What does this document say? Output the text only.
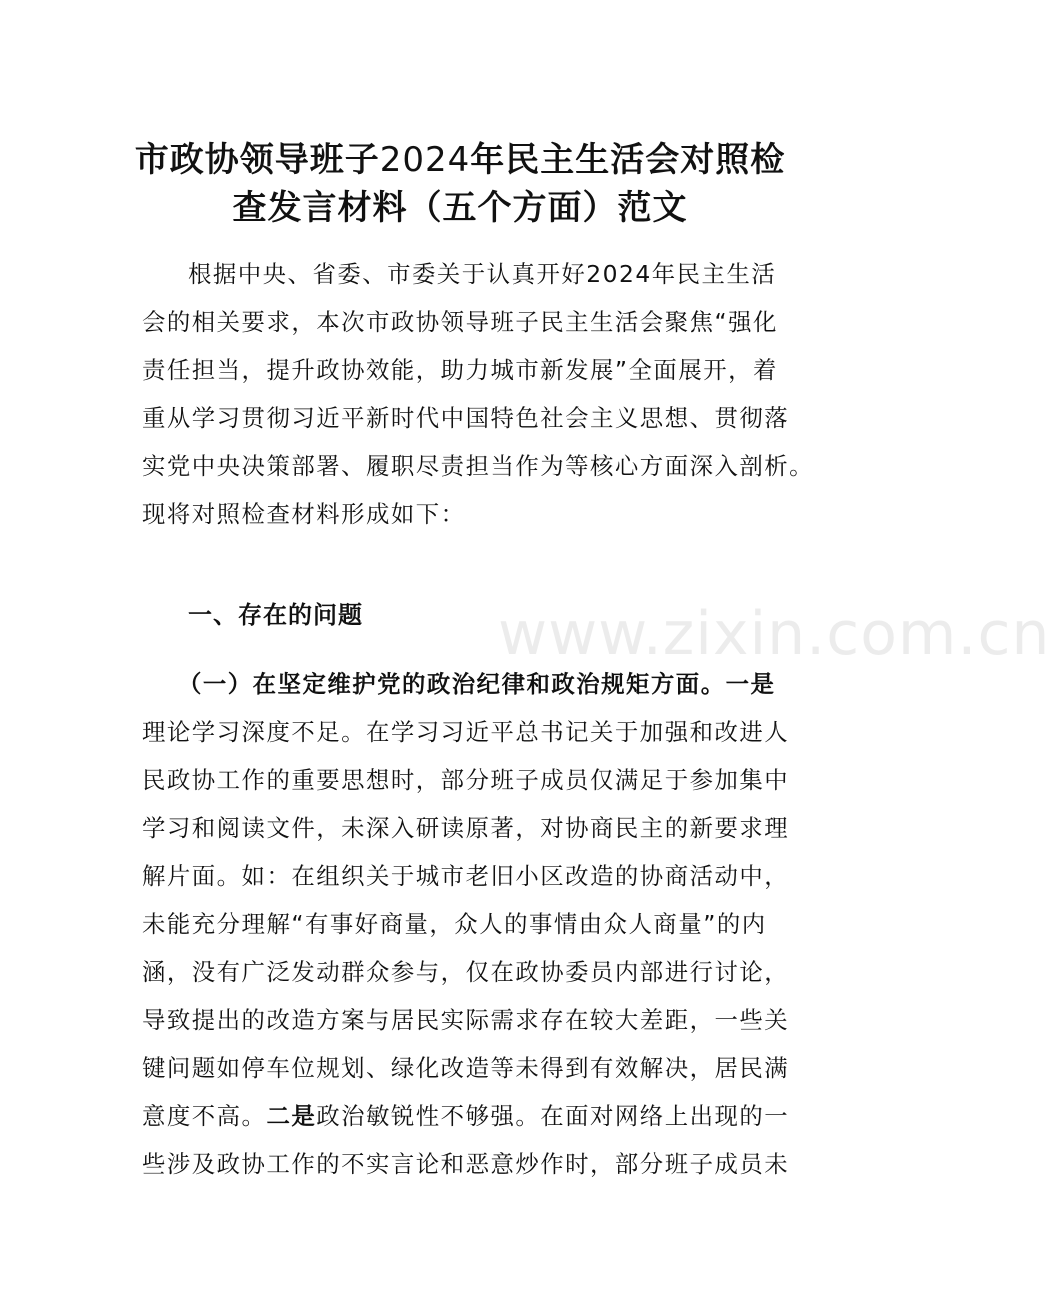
市政协领导班子2024年民主生活会对照检
查发言材料（五个方面）范文
根据中央、省委、市委关于认真开好2024年民主生活
会的相关要求，本次市政协领导班子民主生活会聚焦“强化
责任担当，提升政协效能，助力城市新发展”全面展开，着
重从学习贯彻习近平新时代中国特色社会主义思想、贯彻落
实党中央决策部署、履职尽责担当作为等核心方面深入剖析。
现将对照检查材料形成如下：
一、存在的问题
（一）在坚定维护党的政治纪律和政治规矩方面。一是
理论学习深度不足。在学习习近平总书记关于加强和改进人
民政协工作的重要思想时，部分班子成员仅满足于参加集中
学习和阅读文件，未深入研读原著，对协商民主的新要求理
解片面。如：在组织关于城市老旧小区改造的协商活动中，
未能充分理解“有事好商量，众人的事情由众人商量”的内
涵，没有广泛发动群众参与，仅在政协委员内部进行讨论，
导致提出的改造方案与居民实际需求存在较大差距，一些关
键问题如停车位规划、绿化改造等未得到有效解决，居民满
意度不高。二是政治敏锐性不够强。在面对网络上出现的一
些涉及政协工作的不实言论和恶意炒作时，部分班子成员未
www.zixin.com.cn
